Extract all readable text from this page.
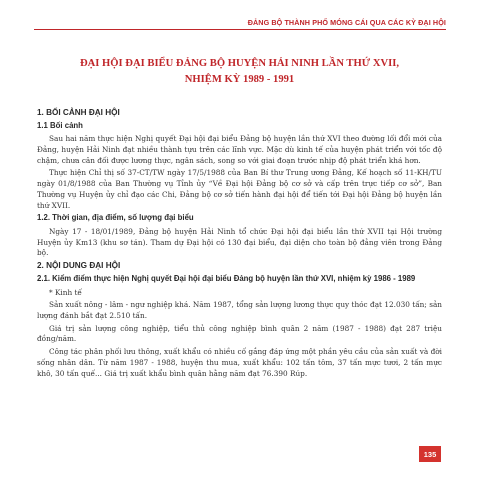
ĐẢNG BỘ THÀNH PHỐ MÓNG CÁI QUA CÁC KỲ ĐẠI HỘI
ĐẠI HỘI ĐẠI BIỂU ĐẢNG BỘ HUYỆN HẢI NINH LẦN THỨ XVII,
NHIỆM KỲ 1989 - 1991
1. BỐI CẢNH ĐẠI HỘI
1.1 Bối cảnh

Sau hai năm thực hiện Nghị quyết Đại hội đại biểu Đảng bộ huyện lần thứ XVI theo đường lối đổi mới của Đảng, huyện Hải Ninh đạt nhiều thành tựu trên các lĩnh vực. Mặc dù kinh tế của huyện phát triển với tốc độ chậm, chưa cân đối được lương thực, ngân sách, song so với giai đoạn trước nhịp độ phát triển khá hơn.

Thực hiện Chỉ thị số 37-CT/TW ngày 17/5/1988 của Ban Bí thư Trung ương Đảng, Kế hoạch số 11-KH/TU ngày 01/8/1988 của Ban Thường vụ Tỉnh ủy “Về Đại hội Đảng bộ cơ sở và cấp trên trực tiếp cơ sở”, Ban Thường vụ Huyện ủy chỉ đạo các Chi, Đảng bộ cơ sở tiến hành đại hội để tiến tới Đại hội Đảng bộ huyện lần thứ XVII.

1.2. Thời gian, địa điểm, số lượng đại biểu

Ngày 17 - 18/01/1989, Đảng bộ huyện Hải Ninh tổ chức Đại hội đại biểu lần thứ XVII tại Hội trường Huyện ủy Km13 (khu sơ tán). Tham dự Đại hội có 130 đại biểu, đại diện cho toàn bộ đảng viên trong Đảng bộ.

2. NỘI DUNG ĐẠI HỘI
2.1. Kiểm điểm thực hiện Nghị quyết Đại hội đại biểu Đảng bộ huyện lần thứ XVI, nhiệm kỳ 1986 - 1989

* Kinh tế

Sản xuất nông - lâm - ngư nghiệp khá. Năm 1987, tổng sản lượng lương thực quy thóc đạt 12.030 tấn; sản lượng đánh bắt đạt 2.510 tấn.

Giá trị sản lượng công nghiệp, tiểu thủ công nghiệp bình quân 2 năm (1987 - 1988) đạt 287 triệu đồng/năm.

Công tác phân phối lưu thông, xuất khẩu có nhiều cố gắng đáp ứng một phần yêu cầu của sản xuất và đời sống nhân dân. Từ năm 1987 - 1988, huyện thu mua, xuất khẩu: 102 tấn tôm, 37 tấn mực tươi, 2 tấn mực khô, 30 tấn quế... Giá trị xuất khẩu bình quân hằng năm đạt 76.390 Rúp.

135
